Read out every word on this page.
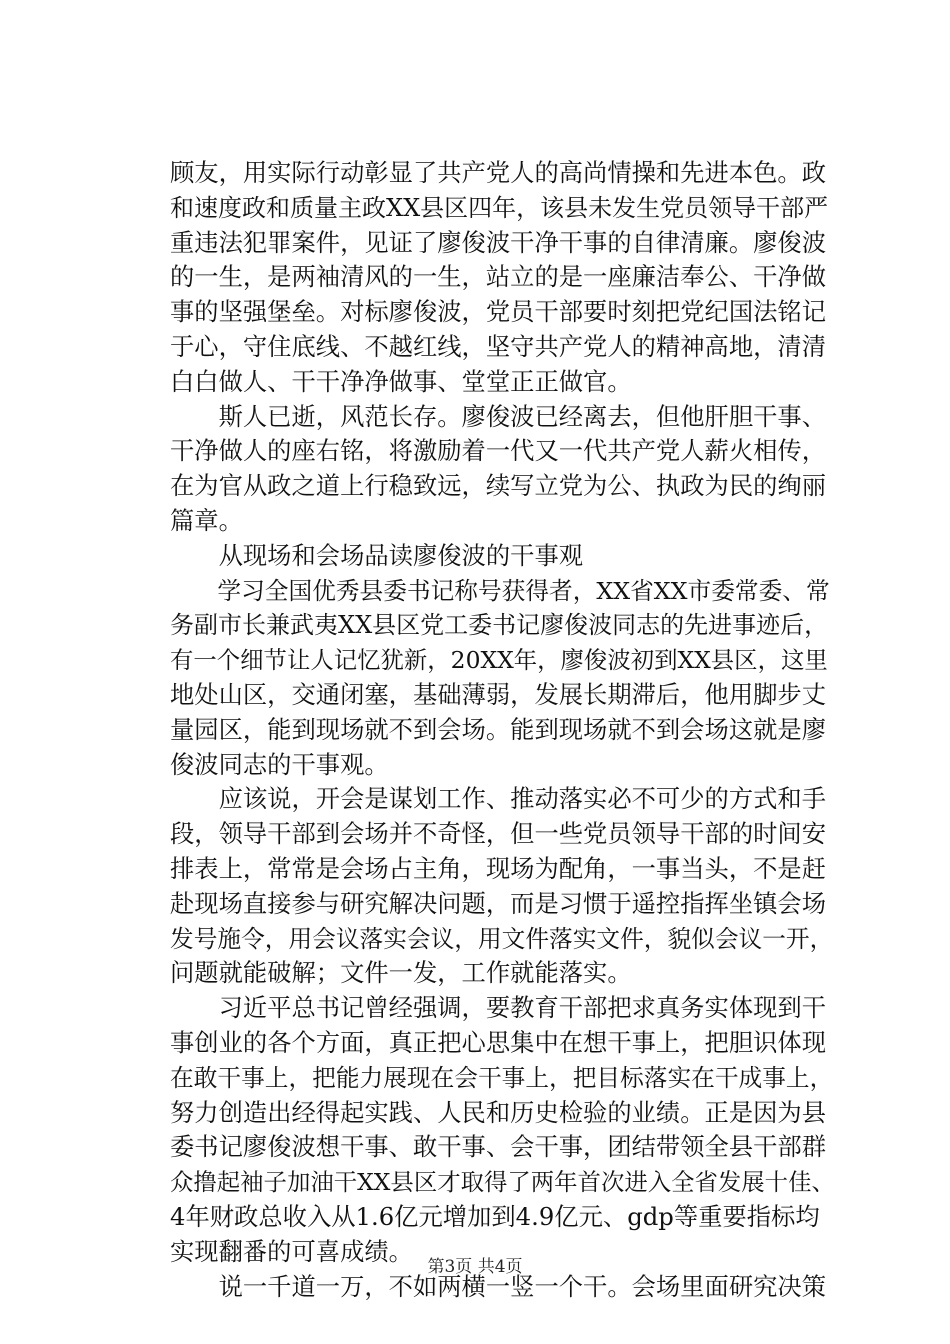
顾友，用实际行动彰显了共产党人的高尚情操和先进本色。政
和速度政和质量主政XX县区四年，该县未发生党员领导干部严
重违法犯罪案件，见证了廖俊波干净干事的自律清廉。廖俊波
的一生，是两袖清风的一生，站立的是一座廉洁奉公、干净做
事的坚强堡垒。对标廖俊波，党员干部要时刻把党纪国法铭记
于心，守住底线、不越红线，坚守共产党人的精神高地，清清
白白做人、干干净净做事、堂堂正正做官。
　　斯人已逝，风范长存。廖俊波已经离去，但他肝胆干事、
干净做人的座右铭，将激励着一代又一代共产党人薪火相传，
在为官从政之道上行稳致远，续写立党为公、执政为民的绚丽
篇章。
　　从现场和会场品读廖俊波的干事观
　　学习全国优秀县委书记称号获得者，XX省XX市委常委、常
务副市长兼武夷XX县区党工委书记廖俊波同志的先进事迹后，
有一个细节让人记忆犹新，20XX年，廖俊波初到XX县区，这里
地处山区，交通闭塞，基础薄弱，发展长期滞后，他用脚步丈
量园区，能到现场就不到会场。能到现场就不到会场这就是廖
俊波同志的干事观。
　　应该说，开会是谋划工作、推动落实必不可少的方式和手
段，领导干部到会场并不奇怪，但一些党员领导干部的时间安
排表上，常常是会场占主角，现场为配角，一事当头，不是赶
赴现场直接参与研究解决问题，而是习惯于遥控指挥坐镇会场
发号施令，用会议落实会议，用文件落实文件，貌似会议一开，
问题就能破解；文件一发，工作就能落实。
　　习近平总书记曾经强调，要教育干部把求真务实体现到干
事创业的各个方面，真正把心思集中在想干事上，把胆识体现
在敢干事上，把能力展现在会干事上，把目标落实在干成事上，
努力创造出经得起实践、人民和历史检验的业绩。正是因为县
委书记廖俊波想干事、敢干事、会干事，团结带领全县干部群
众撸起袖子加油干XX县区才取得了两年首次进入全省发展十佳、
4年财政总收入从1.6亿元增加到4.9亿元、gdp等重要指标均
实现翻番的可喜成绩。
　　说一千道一万，不如两横一竖一个干。会场里面研究决策
第3页 共4页
